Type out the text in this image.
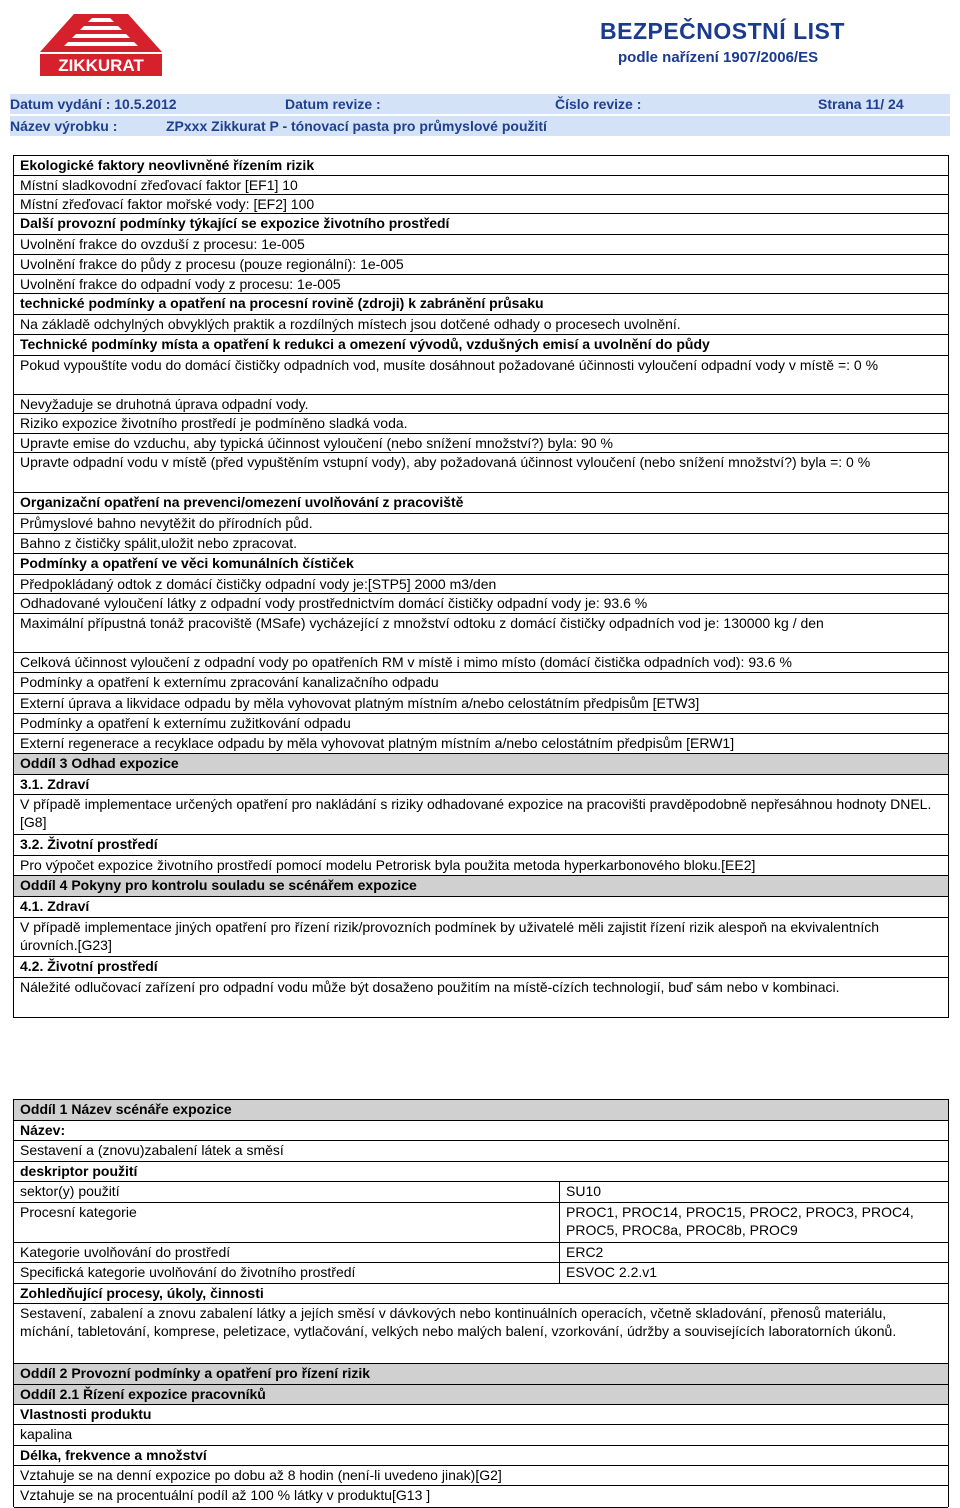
ZIKKURAT
BEZPEČNOSTNÍ LIST
podle nařízení 1907/2006/ES
Datum vydání : 10.5.2012	Datum revize :	Číslo revize :	Strana 11/ 24
Název výrobku :	ZPxxx Zikkurat P - tónovací pasta pro průmyslové použití
Ekologické faktory neovlivněné řízením rizik
Místní sladkovodní zřeďovací faktor [EF1] 10
Místní zřeďovací faktor mořské vody: [EF2] 100
Další provozní podmínky týkající se expozice životního prostředí
Uvolnění frakce do ovzduší z procesu: 1e-005
Uvolnění frakce do půdy z procesu (pouze regionální): 1e-005
Uvolnění frakce do odpadní vody z procesu: 1e-005
technické podmínky a opatření na procesní rovině (zdroji) k zabránění průsaku
Na základě odchylných obvyklých praktik a rozdílných místech jsou dotčené odhady o procesech uvolnění.
Technické podmínky místa a opatření k redukci a omezení vývodů, vzdušných emisí a uvolnění do půdy
Pokud vypouštíte vodu do domácí čističky odpadních vod, musíte dosáhnout požadované účinnosti vyloučení odpadní vody v místě =: 0 %
Nevyžaduje se druhotná úprava odpadní vody.
Riziko expozice životního prostředí je podmíněno sladká voda.
Upravte emise do vzduchu, aby typická účinnost vyloučení (nebo snížení množství?) byla: 90 %
Upravte odpadní vodu v místě (před vypuštěním vstupní vody), aby požadovaná účinnost vyloučení (nebo snížení množství?) byla =: 0 %
Organizační opatření na prevenci/omezení uvolňování z pracoviště
Průmyslové bahno nevytěžit do přírodních půd.
Bahno z čističky spálit,uložit nebo zpracovat.
Podmínky a opatření ve věci komunálních čístiček
Předpokládaný odtok z domácí čističky odpadní vody je:[STP5] 2000 m3/den
Odhadované vyloučení látky z odpadní vody prostřednictvím domácí čističky odpadní vody je: 93.6 %
Maximální přípustná tonáž pracoviště (MSafe) vycházející z množství odtoku z domácí čističky odpadních vod je: 130000 kg / den
Celková účinnost vyloučení z odpadní vody po opatřeních RM v místě i mimo místo (domácí čistička odpadních vod): 93.6 %
Podmínky a opatření k externímu zpracování kanalizačního odpadu
Externí úprava a likvidace odpadu by měla vyhovovat platným místním a/nebo celostátním předpisům [ETW3]
Podmínky a opatření k externímu zužitkování odpadu
Externí regenerace a recyklace odpadu by měla vyhovovat platným místním a/nebo celostátním předpisům [ERW1]
Oddíl 3 Odhad expozice
3.1. Zdraví
V případě implementace určených opatření pro nakládání s riziky odhadované expozice na pracovišti pravděpodobně nepřesáhnou hodnoty DNEL.[G8]
3.2. Životní prostředí
Pro výpočet expozice životního prostředí pomocí modelu Petrorisk byla použita metoda hyperkarbonového bloku.[EE2]
Oddíl 4 Pokyny pro kontrolu souladu se scénářem expozice
4.1. Zdraví
V případě implementace jiných opatření pro řízení rizik/provozních podmínek by uživatelé měli zajistit řízení rizik alespoň na ekvivalentních úrovních.[G23]
4.2. Životní prostředí
Náležité odlučovací zařízení pro odpadní vodu může být dosaženo použitím na místě-cízích technologií, buď sám nebo v kombinaci.
Oddíl 1 Název scénáře expozice
Název:
Sestavení a (znovu)zabalení látek a směsí
deskriptor použití
sektor(y) použití	SU10
Procesní kategorie	PROC1, PROC14, PROC15, PROC2, PROC3, PROC4, PROC5, PROC8a, PROC8b, PROC9
Kategorie uvolňování do prostředí	ERC2
Specifická kategorie uvolňování do životního prostředí	ESVOC 2.2.v1
Zohledňující procesy, úkoly, činnosti
Sestavení, zabalení a znovu zabalení látky a jejích směsí v dávkových nebo kontinuálních operacích, včetně skladování, přenosů materiálu, míchání, tabletování, komprese, peletizace, vytlačování, velkých nebo malých balení, vzorkování, údržby a souvisejících laboratorních úkonů.
Oddíl 2 Provozní podmínky a opatření pro řízení rizik
Oddíl 2.1 Řízení expozice pracovníků
Vlastnosti produktu
kapalina
Délka, frekvence a množství
Vztahuje se na denní expozice po dobu až 8 hodin (není-li uvedeno jinak)[G2]
Vztahuje se na procentuální podíl až 100 % látky v produktu[G13 ]
